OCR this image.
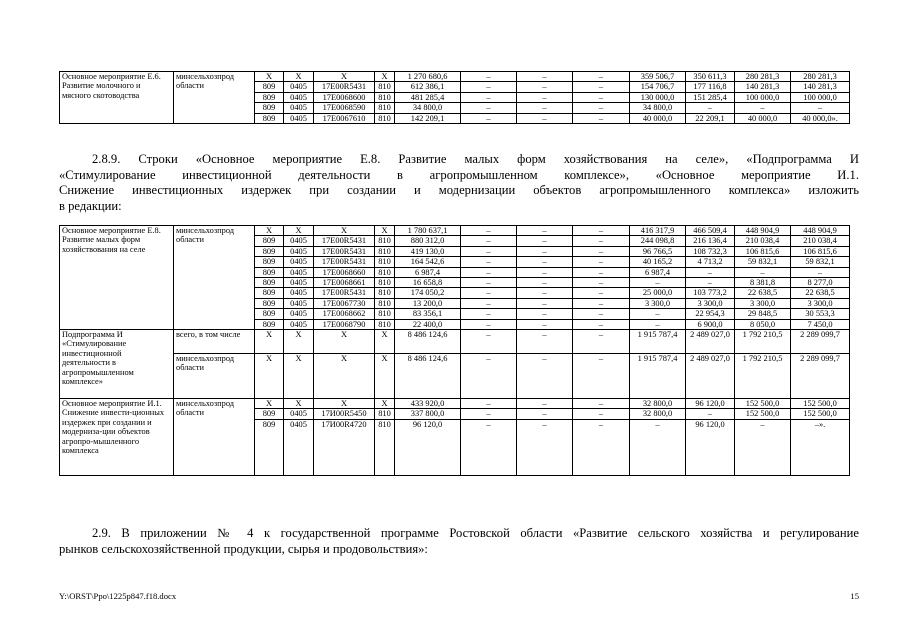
Основное мероприятие Е.6. Развитие молочного и мясного скотоводства	минсельхозпрод области	Х	Х	Х	Х	1 270 680,6	–	–	–	359 506,7	350 611,3	280 281,3	280 281,3
		809	0405	17Е00R5431	810	612 386,1	–	–	–	154 706,7	177 116,8	140 281,3	140 281,3
		809	0405	17Е0068600	810	481 285,4	–	–	–	130 000,0	151 285,4	100 000,0	100 000,0
		809	0405	17Е0068590	810	34 800,0	–	–	–	34 800,0	–	–	–
		809	0405	17Е0067610	810	142 209,1	–	–	–	40 000,0	22 209,1	40 000,0	40 000,0».
2.8.9. Строки «Основное мероприятие Е.8. Развитие малых форм хозяйствования на селе», «Подпрограмма И
«Стимулирование инвестиционной деятельности в агропромышленном комплексе», «Основное мероприятие И.1.
Снижение инвестиционных издержек при создании и модернизации объектов агропромышленного комплекса» изложить
в редакции:
Основное мероприятие Е.8. Развитие малых форм хозяйствования на селе	минсельхозпрод области	Х	Х	Х	Х	1 780 637,1	–	–	–	416 317,9	466 509,4	448 904,9	448 904,9
		809	0405	17Е00R5431	810	880 312,0	–	–	–	244 098,8	216 136,4	210 038,4	210 038,4
		809	0405	17Е00R5431	810	419 130,0	–	–	–	96 766,5	108 732,3	106 815,6	106 815,6
		809	0405	17Е00R5431	810	164 542,6	–	–	–	40 165,2	4 713,2	59 832,1	59 832,1
		809	0405	17Е0068660	810	6 987,4	–	–	–	6 987,4	–	–	–
		809	0405	17Е0068661	810	16 658,8	–	–	–	–	–	8 381,8	8 277,0
		809	0405	17Е00R5431	810	174 050,2	–	–	–	25 000,0	103 773,2	22 638,5	22 638,5
		809	0405	17Е0067730	810	13 200,0	–	–	–	3 300,0	3 300,0	3 300,0	3 300,0
		809	0405	17Е0068662	810	83 356,1	–	–	–	–	22 954,3	29 848,5	30 553,3
		809	0405	17Е0068790	810	22 400,0	–	–	–	–	6 900,0	8 050,0	7 450,0
Подпрограмма И «Стимулирование инвестиционной деятельности в агропромышленном комплексе»	всего, в том числе	Х	Х	Х	Х	8 486 124,6	–	–	–	1 915 787,4	2 489 027,0	1 792 210,5	2 289 099,7
	минсельхозпрод области	Х	Х	Х	Х	8 486 124,6	–	–	–	1 915 787,4	2 489 027,0	1 792 210,5	2 289 099,7
Основное мероприятие И.1. Снижение инвести-ционных издержек при создании и модерниза-ции объектов агропро-мышленного комплекса	минсельхозпрод области	Х	Х	Х	Х	433 920,0	–	–	–	32 800,0	96 120,0	152 500,0	152 500,0
		809	0405	17И00R5450	810	337 800,0	–	–	–	32 800,0	–	152 500,0	152 500,0
		809	0405	17И00R4720	810	96 120,0	–	–	–	–	96 120,0	–	–».
2.9. В приложении № 4 к государственной программе Ростовской области «Развитие сельского хозяйства и регулирование
рынков сельскохозяйственной продукции, сырья и продовольствия»:
Y:\ORST\Ppo\1225p847.f18.docx	15
